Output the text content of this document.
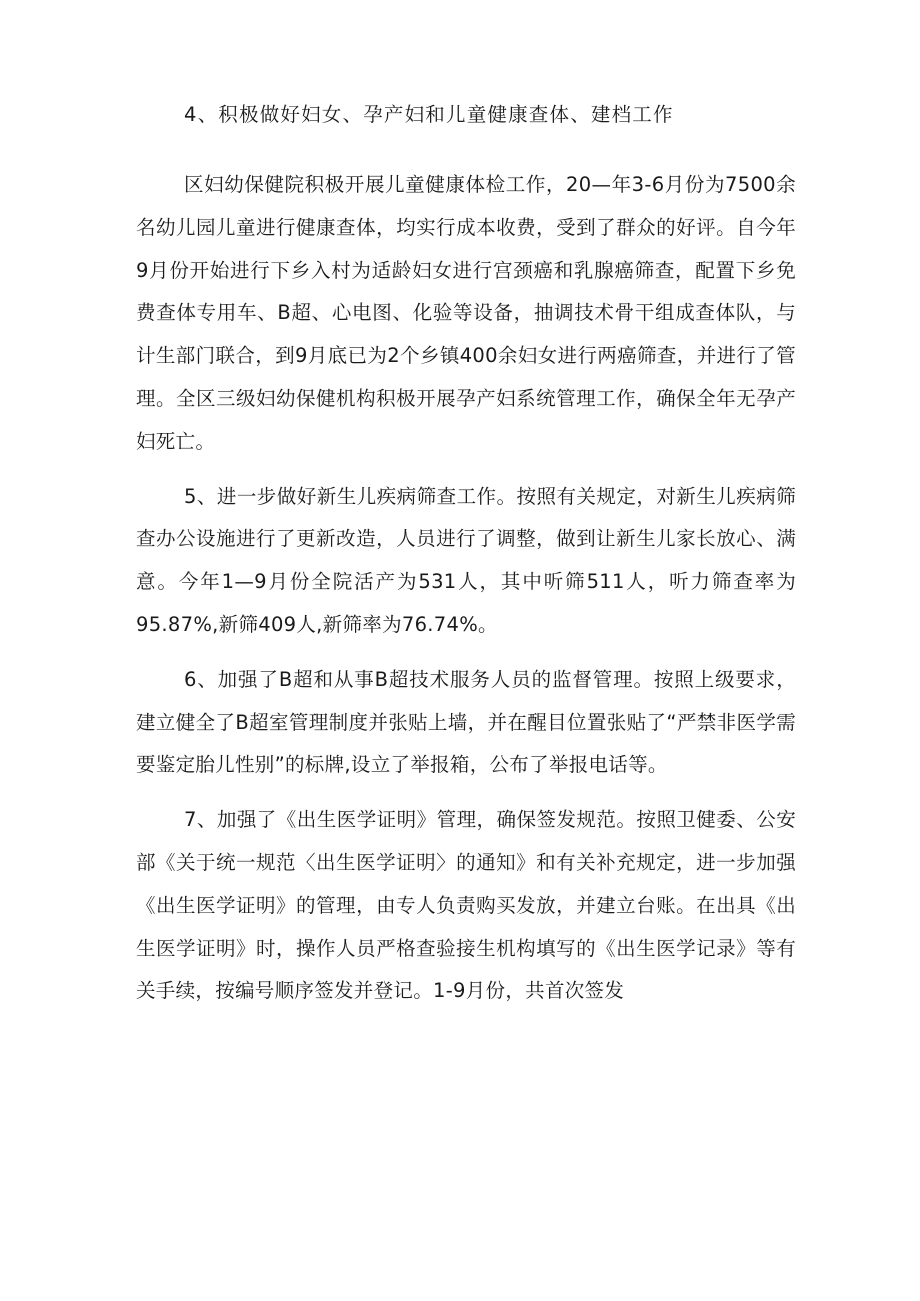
4、积极做好妇女、孕产妇和儿童健康查体、建档工作

区妇幼保健院积极开展儿童健康体检工作，20—年3-6月份为7500余名幼儿园儿童进行健康查体，均实行成本收费，受到了群众的好评。自今年9月份开始进行下乡入村为适龄妇女进行宫颈癌和乳腺癌筛查，配置下乡免费查体专用车、B超、心电图、化验等设备，抽调技术骨干组成查体队，与计生部门联合，到9月底已为2个乡镇400余妇女进行两癌筛查，并进行了管理。全区三级妇幼保健机构积极开展孕产妇系统管理工作，确保全年无孕产妇死亡。

5、进一步做好新生儿疾病筛查工作。按照有关规定，对新生儿疾病筛查办公设施进行了更新改造，人员进行了调整，做到让新生儿家长放心、满意。今年1—9月份全院活产为531人，其中听筛511人，听力筛查率为95.87%,新筛409人,新筛率为76.74%。

6、加强了B超和从事B超技术服务人员的监督管理。按照上级要求，建立健全了B超室管理制度并张贴上墙，并在醒目位置张贴了“严禁非医学需要鉴定胎儿性别”的标牌,设立了举报箱，公布了举报电话等。

7、加强了《出生医学证明》管理，确保签发规范。按照卫健委、公安部《关于统一规范〈出生医学证明〉的通知》和有关补充规定，进一步加强《出生医学证明》的管理，由专人负责购买发放，并建立台账。在出具《出生医学证明》时，操作人员严格查验接生机构填写的《出生医学记录》等有关手续，按编号顺序签发并登记。1-9月份，共首次签发
